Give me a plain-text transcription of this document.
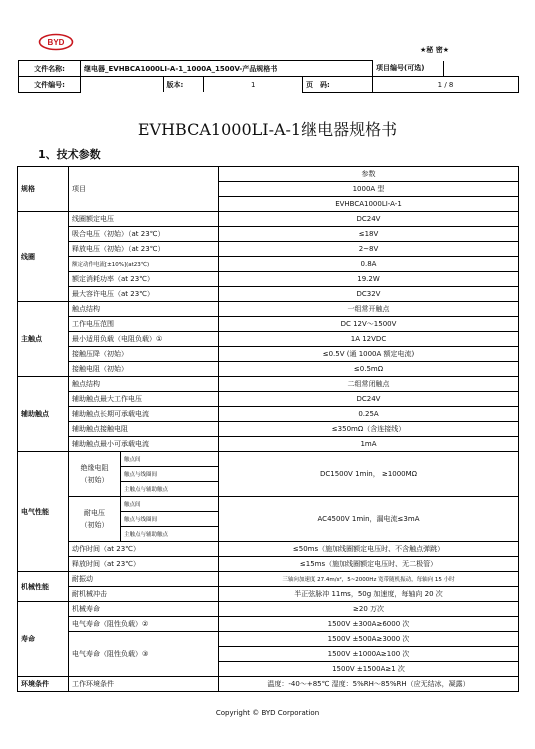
BYD
★秘 密★
文件名称:	继电器_EVHBCA1000LI-A-1_1000A_1500V-产品规格书		项目编号(可选)	

文件编号:	
		版本:	1
		页　码:	1 / 8
EVHBCA1000LI-A-1继电器规格书
1、技术参数
规格	项目		参数
			1000A 型
			EVHBCA1000LI-A-1
线圈	线圈额定电压		DC24V
	吸合电压（初始）（at 23℃）		≤18V
	释放电压（初始）（at 23℃）		2~8V
	额定动作电流[±10%](at23℃)		0.8A
	额定消耗功率（at 23℃）		19.2W
	最大容许电压（at 23℃）		DC32V
主触点	触点结构		一组常开触点
	工作电压范围		DC 12V～1500V
	最小适用负载（电阻负载）①		1A 12VDC
	接触压降（初始）		≤0.5V (通 1000A 额定电流)
	接触电阻（初始）		≤0.5mΩ
辅助触点	触点结构		二组常闭触点
	辅助触点最大工作电压		DC24V
	辅助触点长期可承载电流		0.25A
	辅助触点接触电阻		≤350mΩ（含连接线）
	辅助触点最小可承载电流		1mA
电气性能	绝缘电阻
（初始）	触点间	DC1500V 1min， ≥1000MΩ
		触点与线圈间	
		主触点与辅助触点	

	耐电压
（初始）	触点间	AC4500V 1min，漏电流≤3mA
		触点与线圈间	
		主触点与辅助触点	
	动作时间（at 23℃）		≤50ms（施加线圈额定电压时、不含触点弹跳）
	释放时间（at 23℃）		≤15ms（施加线圈额定电压时、无二极管）
机械性能	耐振动		三轴向加速度 27.4m/s²，5~2000Hz 宽带随机振动，每轴向 15 小时
	耐机械冲击		半正弦脉冲 11ms，50g 加速度，每轴向 20 次
寿命	机械寿命		≥20 万次
	电气寿命（阻性负载）②		1500V ±300A≥6000 次
	电气寿命（阻性负载）③		1500V ±500A≥3000 次
			1500V ±1000A≥100 次
			1500V ±1500A≥1 次
环境条件	工作环境条件		温度：-40～+85℃ 湿度：5%RH～85%RH（应无结冰，凝露）
Copyright © BYD Corporation
